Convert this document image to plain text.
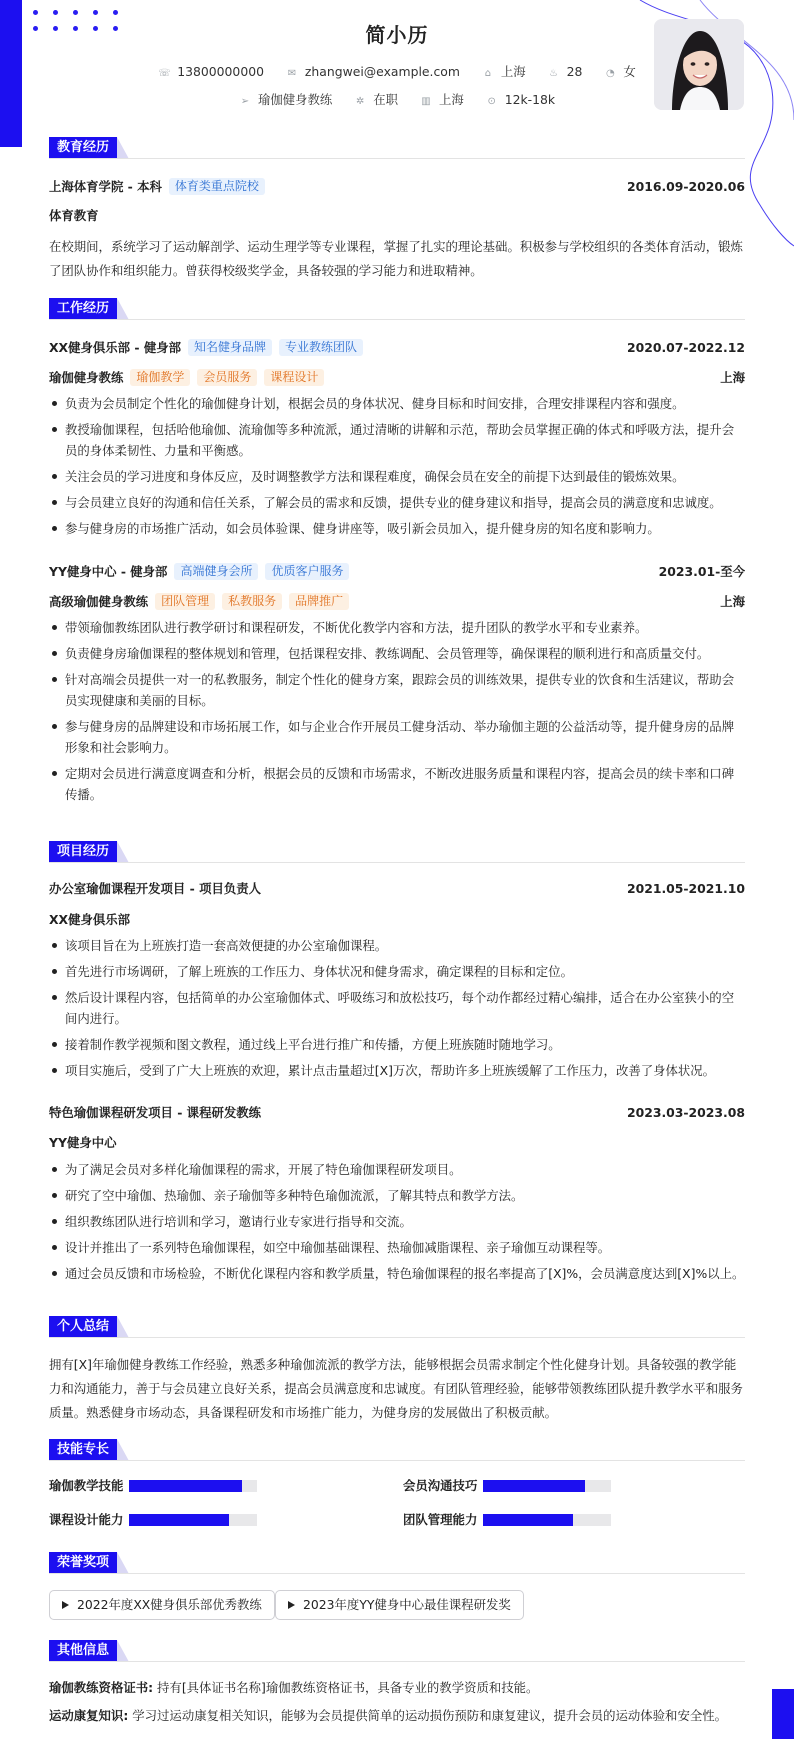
简小历
☏ 13800000000 ✉ zhangwei@example.com ⌂ 上海 ♨ 28 ◔ 女
➢ 瑜伽健身教练 ✲ 在职 ▥ 上海 ⊙ 12k-18k
教育经历
上海体育学院 - 本科 体育类重点院校	2016.09-2020.06
体育教育
在校期间，系统学习了运动解剖学、运动生理学等专业课程，掌握了扎实的理论基础。积极参与学校组织的各类体育活动，锻炼了团队协作和组织能力。曾获得校级奖学金，具备较强的学习能力和进取精神。
工作经历
XX健身俱乐部 - 健身部 知名健身品牌 专业教练团队	2020.07-2022.12
瑜伽健身教练 瑜伽教学 会员服务 课程设计	上海
负责为会员制定个性化的瑜伽健身计划，根据会员的身体状况、健身目标和时间安排，合理安排课程内容和强度。
教授瑜伽课程，包括哈他瑜伽、流瑜伽等多种流派，通过清晰的讲解和示范，帮助会员掌握正确的体式和呼吸方法，提升会员的身体柔韧性、力量和平衡感。
关注会员的学习进度和身体反应，及时调整教学方法和课程难度，确保会员在安全的前提下达到最佳的锻炼效果。
与会员建立良好的沟通和信任关系，了解会员的需求和反馈，提供专业的健身建议和指导，提高会员的满意度和忠诚度。
参与健身房的市场推广活动，如会员体验课、健身讲座等，吸引新会员加入，提升健身房的知名度和影响力。
YY健身中心 - 健身部 高端健身会所 优质客户服务	2023.01-至今
高级瑜伽健身教练 团队管理 私教服务 品牌推广	上海
带领瑜伽教练团队进行教学研讨和课程研发，不断优化教学内容和方法，提升团队的教学水平和专业素养。
负责健身房瑜伽课程的整体规划和管理，包括课程安排、教练调配、会员管理等，确保课程的顺利进行和高质量交付。
针对高端会员提供一对一的私教服务，制定个性化的健身方案，跟踪会员的训练效果，提供专业的饮食和生活建议，帮助会员实现健康和美丽的目标。
参与健身房的品牌建设和市场拓展工作，如与企业合作开展员工健身活动、举办瑜伽主题的公益活动等，提升健身房的品牌形象和社会影响力。
定期对会员进行满意度调查和分析，根据会员的反馈和市场需求，不断改进服务质量和课程内容，提高会员的续卡率和口碑传播。
项目经历
办公室瑜伽课程开发项目 - 项目负责人	2021.05-2021.10
XX健身俱乐部
该项目旨在为上班族打造一套高效便捷的办公室瑜伽课程。
首先进行市场调研，了解上班族的工作压力、身体状况和健身需求，确定课程的目标和定位。
然后设计课程内容，包括简单的办公室瑜伽体式、呼吸练习和放松技巧，每个动作都经过精心编排，适合在办公室狭小的空间内进行。
接着制作教学视频和图文教程，通过线上平台进行推广和传播，方便上班族随时随地学习。
项目实施后，受到了广大上班族的欢迎，累计点击量超过[X]万次，帮助许多上班族缓解了工作压力，改善了身体状况。
特色瑜伽课程研发项目 - 课程研发教练	2023.03-2023.08
YY健身中心
为了满足会员对多样化瑜伽课程的需求，开展了特色瑜伽课程研发项目。
研究了空中瑜伽、热瑜伽、亲子瑜伽等多种特色瑜伽流派，了解其特点和教学方法。
组织教练团队进行培训和学习，邀请行业专家进行指导和交流。
设计并推出了一系列特色瑜伽课程，如空中瑜伽基础课程、热瑜伽减脂课程、亲子瑜伽互动课程等。
通过会员反馈和市场检验，不断优化课程内容和教学质量，特色瑜伽课程的报名率提高了[X]%，会员满意度达到[X]%以上。
个人总结
拥有[X]年瑜伽健身教练工作经验，熟悉多种瑜伽流派的教学方法，能够根据会员需求制定个性化健身计划。具备较强的教学能力和沟通能力，善于与会员建立良好关系，提高会员满意度和忠诚度。有团队管理经验，能够带领教练团队提升教学水平和服务质量。熟悉健身市场动态，具备课程研发和市场推广能力，为健身房的发展做出了积极贡献。
技能专长
瑜伽教学技能	会员沟通技巧
课程设计能力	团队管理能力
荣誉奖项
2022年度XX健身俱乐部优秀教练	2023年度YY健身中心最佳课程研发奖
其他信息
瑜伽教练资格证书: 持有[具体证书名称]瑜伽教练资格证书，具备专业的教学资质和技能。
运动康复知识: 学习过运动康复相关知识，能够为会员提供简单的运动损伤预防和康复建议，提升会员的运动体验和安全性。
